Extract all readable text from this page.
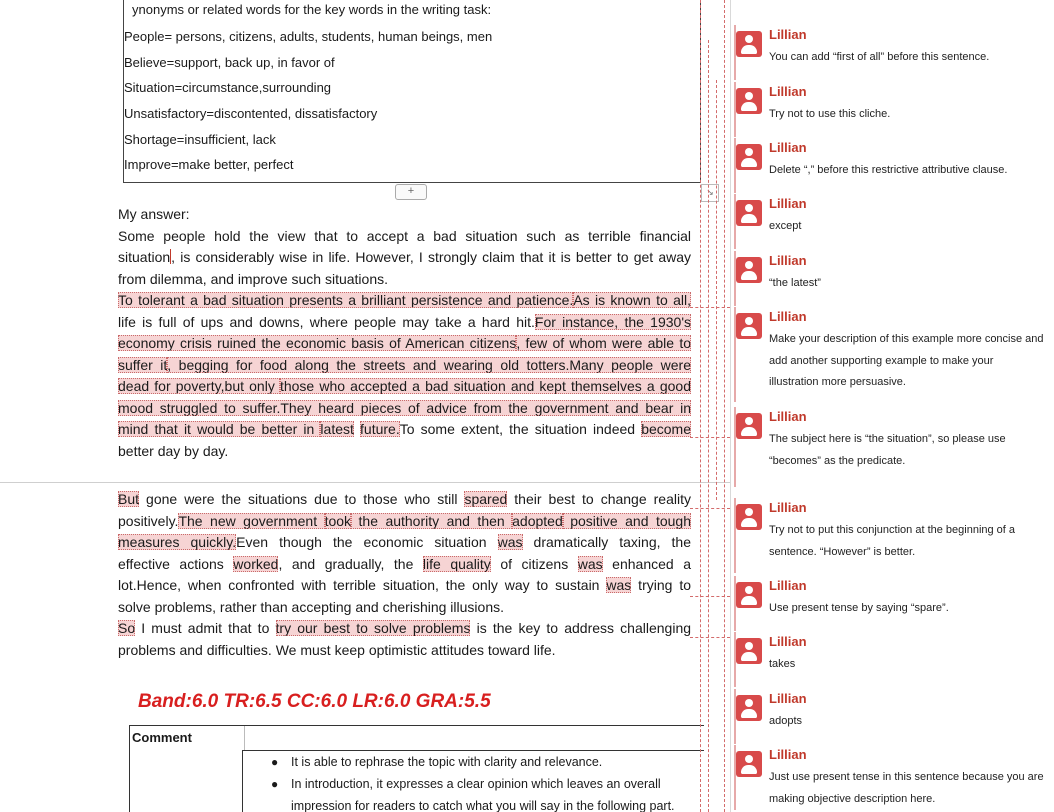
ynonyms or related words for the key words in the writing task:
People= persons, citizens, adults, students, human beings, men
Believe=support, back up, in favor of
Situation=circumstance,surrounding
Unsatisfactory=discontented, dissatisfactory
Shortage=insufficient, lack
Improve=make better, perfect
+	↘
My answer:
Some people hold the view that to accept a bad situation such as terrible financial
situation, is considerably wise in life. However, I strongly claim that it is better to get away
from dilemma, and improve such situations.
To tolerant a bad situation presents a brilliant persistence and patience.As is known to all,
life is full of ups and downs, where people may take a hard hit.For instance, the 1930's
economy crisis ruined the economic basis of American citizens, few of whom were able to
suffer it, begging for food along the streets and wearing old totters.Many people were
dead for poverty,but only those who accepted a bad situation and kept themselves a good
mood struggled to suffer.They heard pieces of advice from the government and bear in
mind that it would be better in latest future.To some extent, the situation indeed become
better day by day.
But gone were the situations due to those who still spared their best to change reality
positively.The new government took the authority and then adopted positive and tough
measures quickly.Even though the economic situation was dramatically taxing, the
effective actions worked, and gradually, the life quality of citizens was enhanced a
lot.Hence, when confronted with terrible situation, the only way to sustain was trying to
solve problems, rather than accepting and cherishing illusions.
So I must admit that to try our best to solve problems is the key to address challenging
problems and difficulties. We must keep optimistic attitudes toward life.
Band:6.0 TR:6.5 CC:6.0 LR:6.0 GRA:5.5
Comment
● It is able to rephrase the topic with clarity and relevance.
● In introduction, it expresses a clear opinion which leaves an overall
impression for readers to catch what you will say in the following part.
Lillian
You can add “first of all” before this sentence.
Lillian
Try not to use this cliche.
Lillian
Delete “,” before this restrictive attributive clause.
Lillian
except
Lillian
“the latest”
Lillian
Make your description of this example more concise and add another supporting example to make your illustration more persuasive.
Lillian
The subject here is “the situation”, so please use “becomes” as the predicate.
Lillian
Try not to put this conjunction at the beginning of a sentence. “However” is better.
Lillian
Use present tense by saying “spare”.
Lillian
takes
Lillian
adopts
Lillian
Just use present tense in this sentence because you are making objective description here.
